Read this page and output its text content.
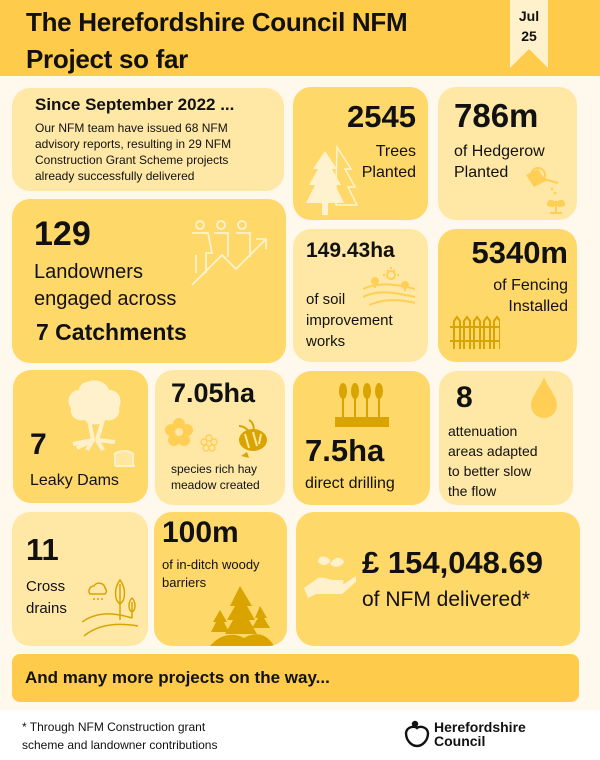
The Herefordshire Council NFM
Project so far
Jul
25
Since September 2022 ...
Our NFM team have issued 68 NFM advisory reports, resulting in 29 NFM Construction Grant Scheme projects already successfully delivered
129
Landowners
engaged across
7 Catchments
2545
Trees
Planted
786m
of Hedgerow
Planted
149.43ha
of soil
improvement
works
5340m
of Fencing
Installed
7
Leaky Dams
7.05ha
species rich hay
meadow created
7.5ha
direct drilling
8
attenuation
areas adapted
to better slow
the flow
11
Cross
drains
100m
of in-ditch woody
barriers
£ 154,048.69
of NFM delivered*
And many more projects on the way...
* Through NFM Construction grant
scheme and landowner contributions
Herefordshire
Council
